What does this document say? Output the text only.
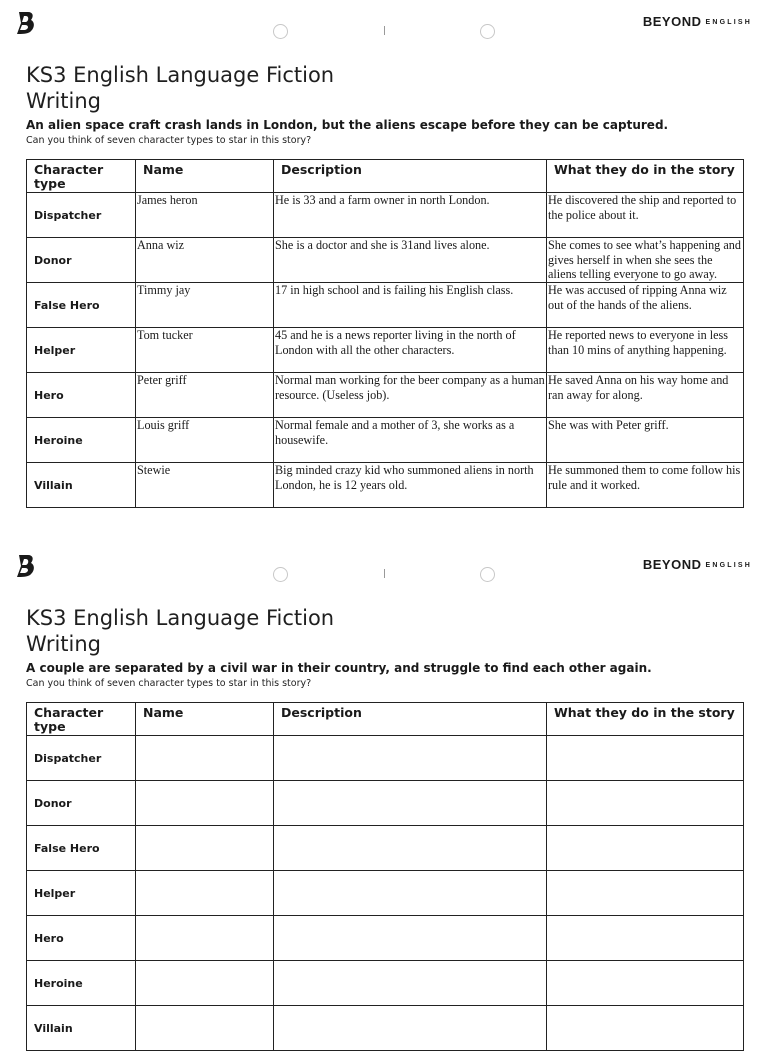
BEYOND ENGLISH
KS3 English Language Fiction
Writing
An alien space craft crash lands in London, but the aliens escape before they can be captured.
Can you think of seven character types to star in this story?
Character type	Name	Description	What they do in the story
Dispatcher	James heron	He is 33 and a farm owner in north London.	He discovered the ship and reported to the police about it.
Donor	Anna wiz	She is a doctor and she is 31and lives alone.	She comes to see what’s happening and gives herself in when she sees the aliens telling everyone to go away.
False Hero	Timmy jay	17 in high school and is failing his English class.	He was accused of ripping Anna wiz out of the hands of the aliens.
Helper	Tom tucker	45 and he is a news reporter living in the north of London with all the other characters.	He reported news to everyone in less than 10 mins of anything happening.
Hero	Peter griff	Normal man working for the beer company as a human resource. (Useless job).	He saved Anna on his way home and ran away for along.
Heroine	Louis griff	Normal female and a mother of 3, she works as a housewife.	She was with Peter griff.
Villain	Stewie	Big minded crazy kid who summoned aliens in north London, he is 12 years old.	He summoned them to come follow his rule and it worked.
BEYOND ENGLISH
KS3 English Language Fiction
Writing
A couple are separated by a civil war in their country, and struggle to find each other again.
Can you think of seven character types to star in this story?
Character type	Name	Description	What they do in the story
Dispatcher			
Donor			
False Hero			
Helper			
Hero			
Heroine			
Villain			
